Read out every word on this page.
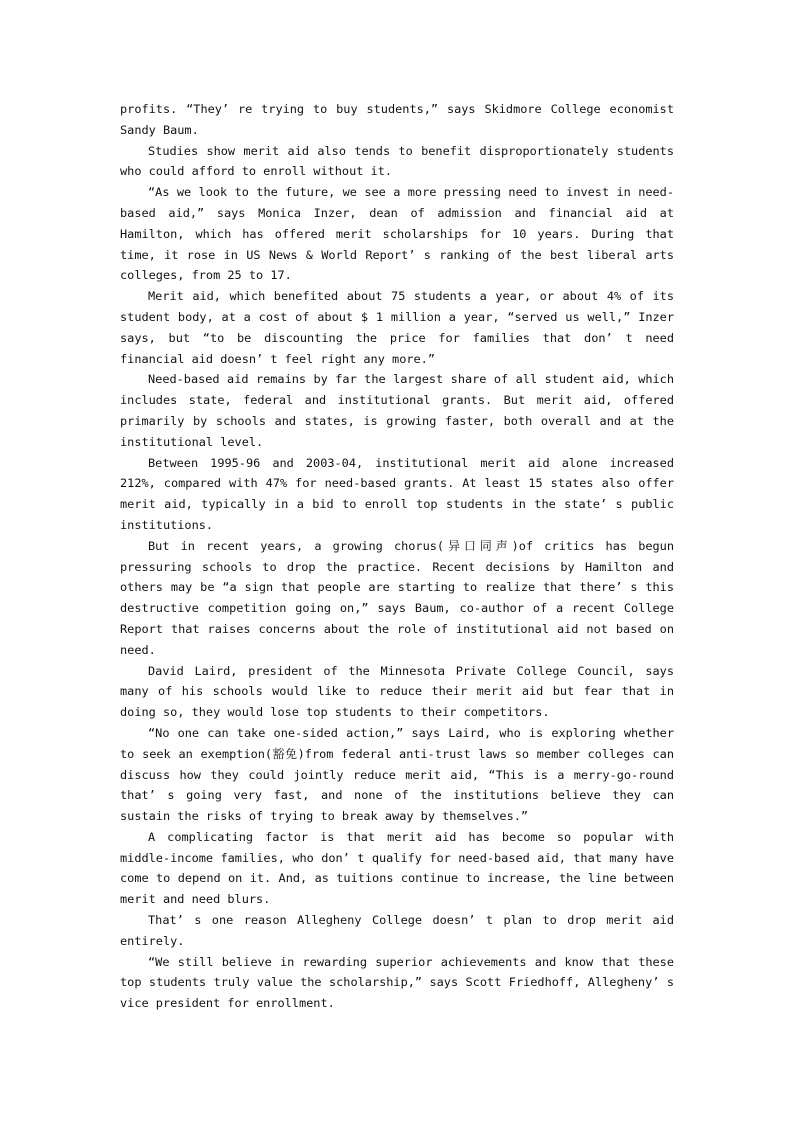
profits. “They’ re trying to buy students,” says Skidmore College economist Sandy Baum.

Studies show merit aid also tends to benefit disproportionately students who could afford to enroll without it.

“As we look to the future, we see a more pressing need to invest in need-based aid,” says Monica Inzer, dean of admission and financial aid at Hamilton, which has offered merit scholarships for 10 years. During that time, it rose in US News & World Report’ s ranking of the best liberal arts colleges, from 25 to 17.

Merit aid, which benefited about 75 students a year, or about 4% of its student body, at a cost of about $ 1 million a year, “served us well,” Inzer says, but “to be discounting the price for families that don’ t need financial aid doesn’ t feel right any more.”

Need-based aid remains by far the largest share of all student aid, which includes state, federal and institutional grants. But merit aid, offered primarily by schools and states, is growing faster, both overall and at the institutional level.

Between 1995-96 and 2003-04, institutional merit aid alone increased 212%, compared with 47% for need-based grants. At least 15 states also offer merit aid, typically in a bid to enroll top students in the state’ s public institutions.

But in recent years, a growing chorus(异口同声)of critics has begun pressuring schools to drop the practice. Recent decisions by Hamilton and others may be “a sign that people are starting to realize that there’ s this destructive competition going on,” says Baum, co-author of a recent College Report that raises concerns about the role of institutional aid not based on need.

David Laird, president of the Minnesota Private College Council, says many of his schools would like to reduce their merit aid but fear that in doing so, they would lose top students to their competitors.

“No one can take one-sided action,” says Laird, who is exploring whether to seek an exemption(豁免)from federal anti-trust laws so member colleges can discuss how they could jointly reduce merit aid, “This is a merry-go-round that’ s going very fast, and none of the institutions believe they can sustain the risks of trying to break away by themselves.”

A complicating factor is that merit aid has become so popular with middle-income families, who don’ t qualify for need-based aid, that many have come to depend on it. And, as tuitions continue to increase, the line between merit and need blurs.

That’ s one reason Allegheny College doesn’ t plan to drop merit aid entirely.

“We still believe in rewarding superior achievements and know that these top students truly value the scholarship,” says Scott Friedhoff, Allegheny’ s vice president for enrollment.
